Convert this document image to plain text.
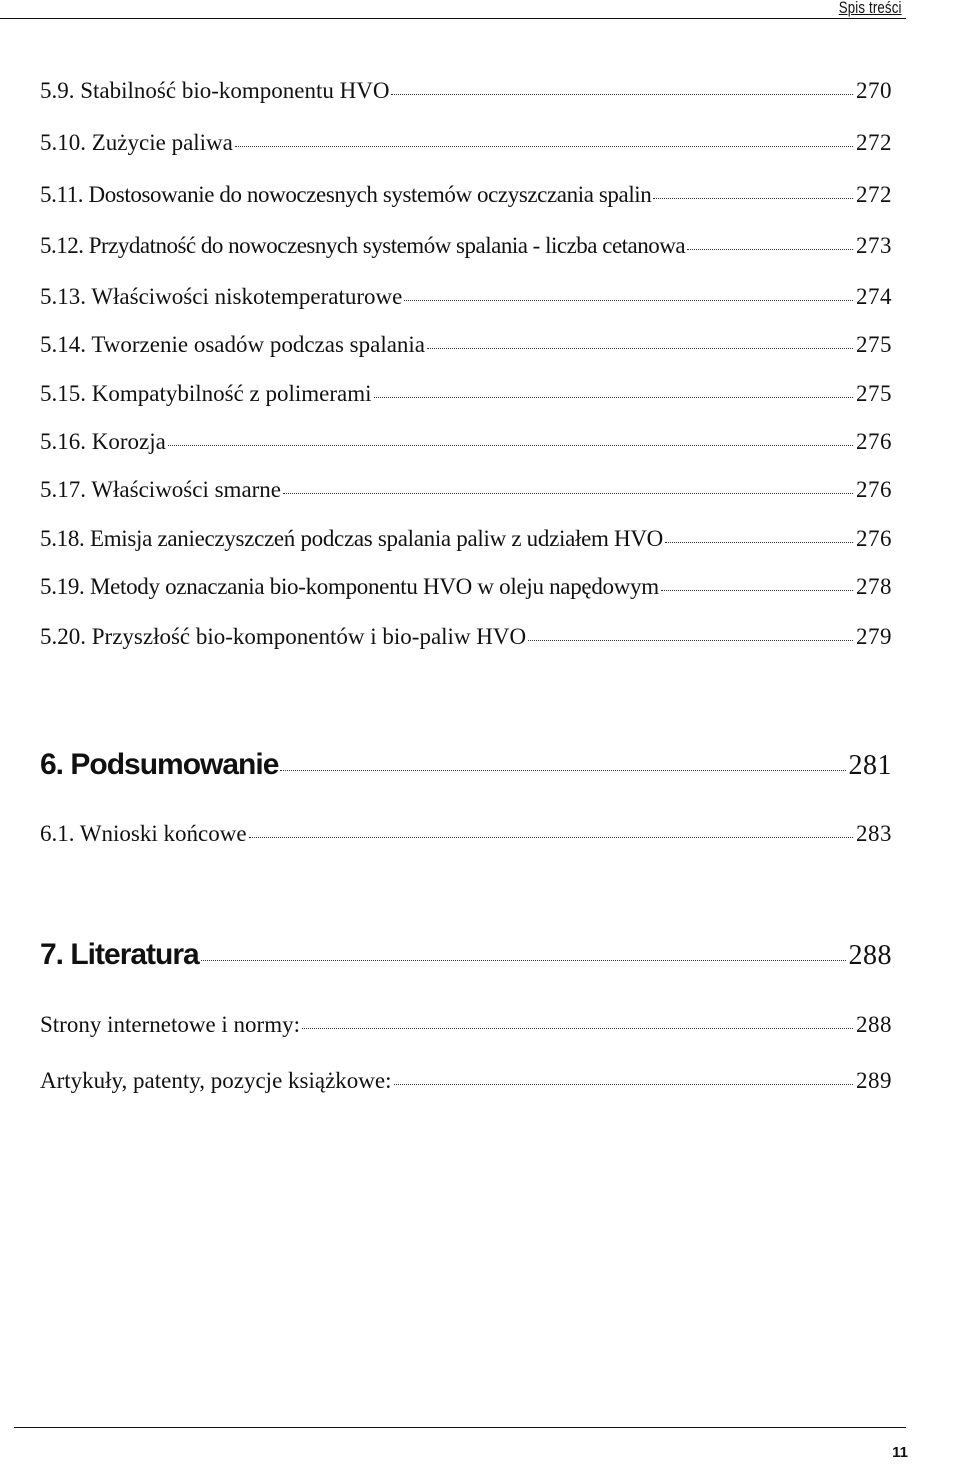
Spis treści
5.9. Stabilność bio-komponentu HVO	270
5.10. Zużycie paliwa	272
5.11. Dostosowanie do nowoczesnych systemów oczyszczania spalin	272
5.12. Przydatność do nowoczesnych systemów spalania - liczba cetanowa	273
5.13. Właściwości niskotemperaturowe	274
5.14. Tworzenie osadów podczas spalania	275
5.15. Kompatybilność z polimerami	275
5.16. Korozja	276
5.17. Właściwości smarne	276
5.18. Emisja zanieczyszczeń podczas spalania paliw z udziałem HVO	276
5.19. Metody oznaczania bio-komponentu HVO w oleju napędowym	278
5.20. Przyszłość bio-komponentów i bio-paliw HVO	279
6. Podsumowanie	281
6.1. Wnioski końcowe	283
7. Literatura	288
Strony internetowe i normy:	288
Artykuły, patenty, pozycje książkowe:	289
11
